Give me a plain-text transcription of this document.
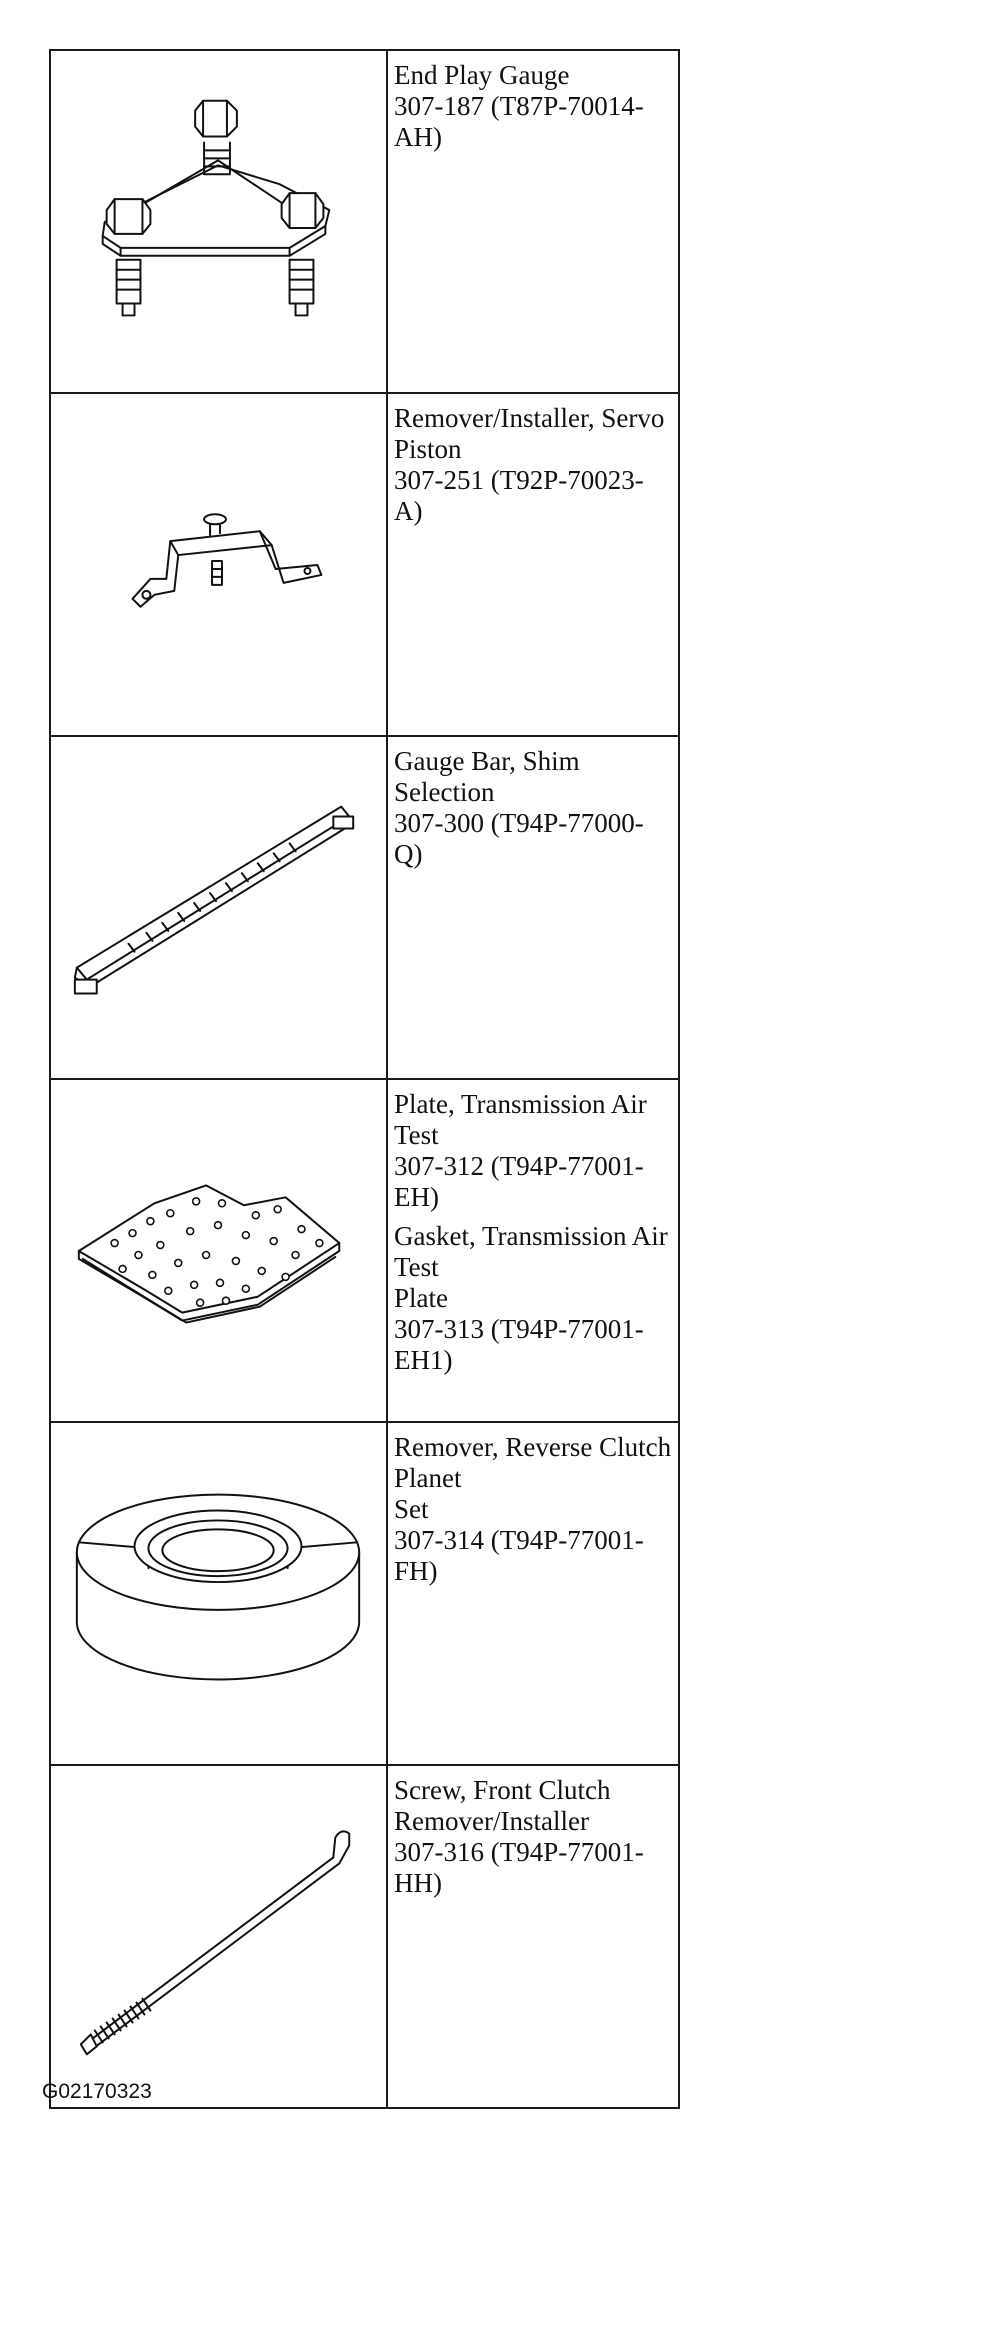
End Play Gauge
307-187 (T87P-70014-AH)

Remover/Installer, Servo Piston
307-251 (T92P-70023-A)

Gauge Bar, Shim Selection
307-300 (T94P-77000-Q)

Plate, Transmission Air Test
307-312 (T94P-77001-EH)
Gasket, Transmission Air Test
Plate
307-313 (T94P-77001-EH1)

Remover, Reverse Clutch Planet
Set
307-314 (T94P-77001-FH)

Screw, Front Clutch
Remover/Installer
307-316 (T94P-77001-HH)
G02170323
